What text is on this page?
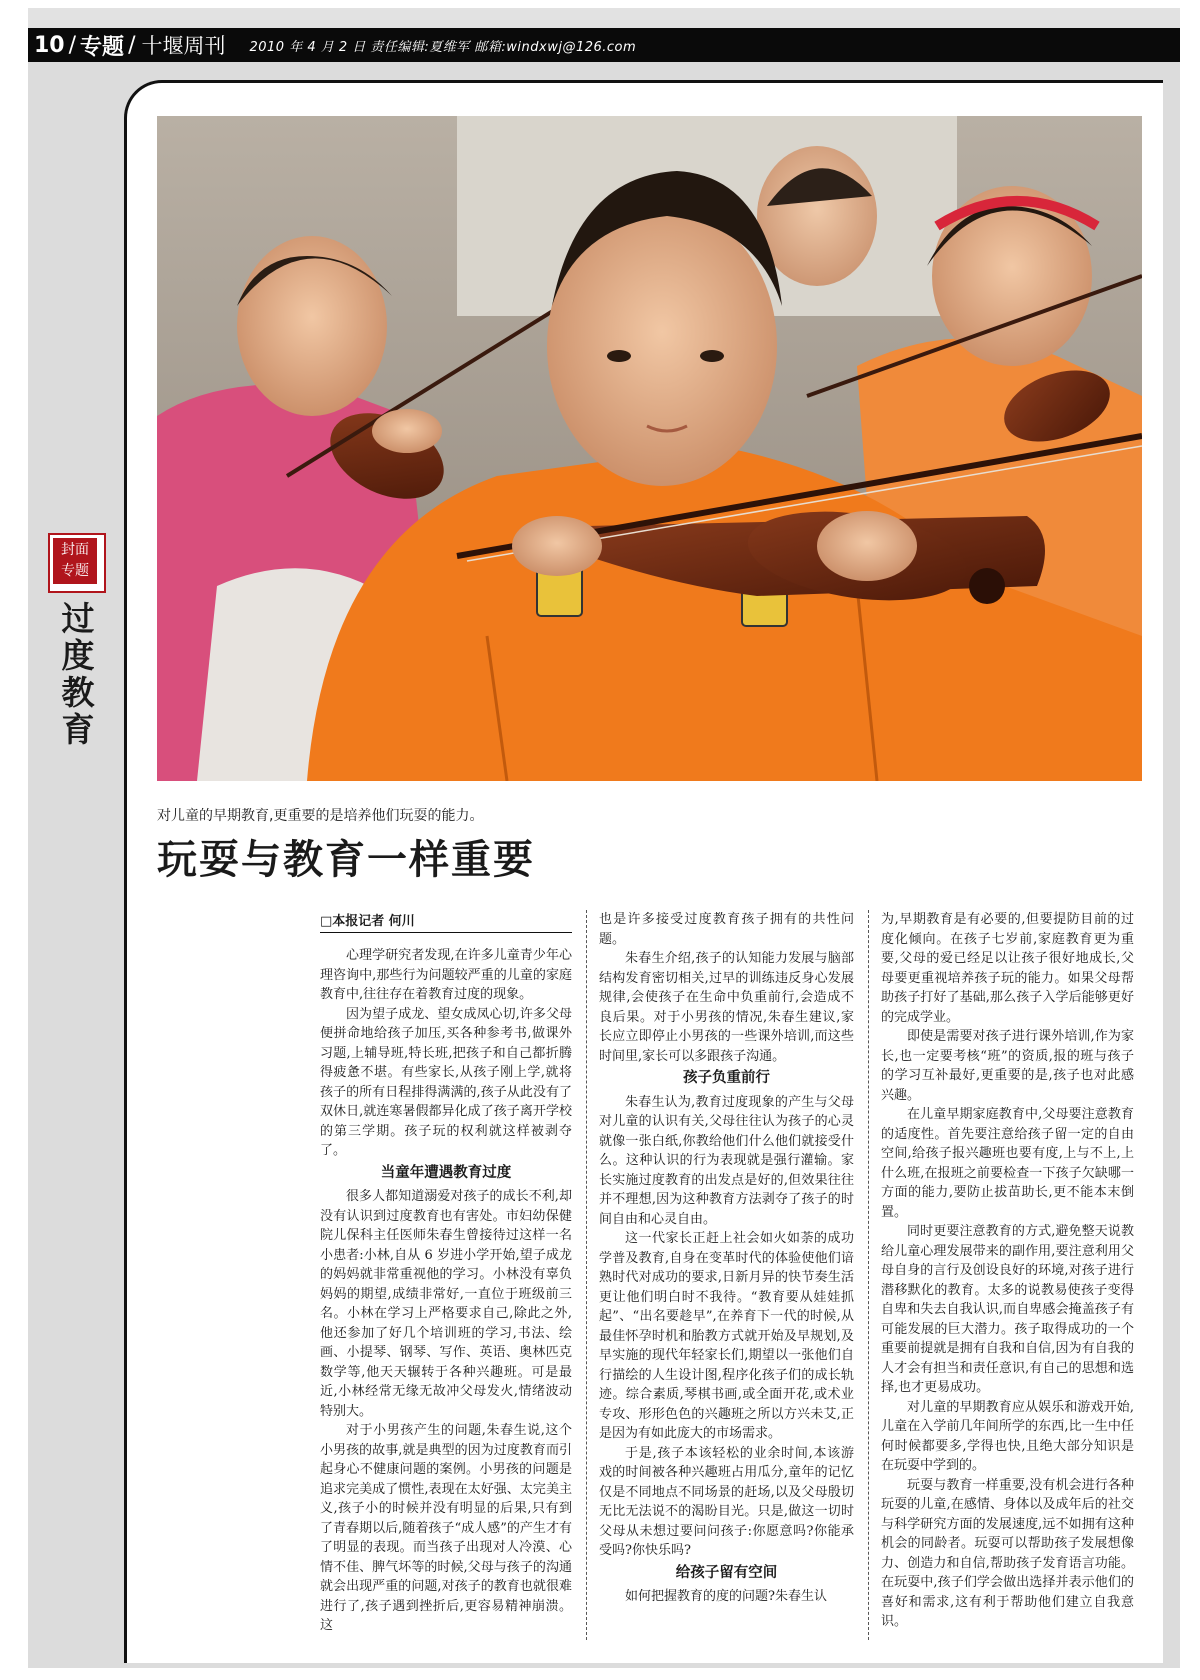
10 / 专题 / 十堰周刊 2010 年 4 月 2 日 责任编辑:夏维军 邮箱:windxwj@126.com
对儿童的早期教育,更重要的是培养他们玩耍的能力。
玩耍与教育一样重要
封面
专题
过度教育
□本报记者 何川

心理学研究者发现,在许多儿童青少年心理咨询中,那些行为问题较严重的儿童的家庭教育中,往往存在着教育过度的现象。

因为望子成龙、望女成凤心切,许多父母便拼命地给孩子加压,买各种参考书,做课外习题,上辅导班,特长班,把孩子和自己都折腾得疲惫不堪。有些家长,从孩子刚上学,就将孩子的所有日程排得满满的,孩子从此没有了双休日,就连寒暑假都异化成了孩子离开学校的第三学期。孩子玩的权利就这样被剥夺了。

当童年遭遇教育过度

很多人都知道溺爱对孩子的成长不利,却没有认识到过度教育也有害处。市妇幼保健院儿保科主任医师朱春生曾接待过这样一名小患者:小林,自从 6 岁进小学开始,望子成龙的妈妈就非常重视他的学习。小林没有辜负妈妈的期望,成绩非常好,一直位于班级前三名。小林在学习上严格要求自己,除此之外,他还参加了好几个培训班的学习,书法、绘画、小提琴、钢琴、写作、英语、奥林匹克数学等,他天天辗转于各种兴趣班。可是最近,小林经常无缘无故冲父母发火,情绪波动特别大。

对于小男孩产生的问题,朱春生说,这个小男孩的故事,就是典型的因为过度教育而引起身心不健康问题的案例。小男孩的问题是追求完美成了惯性,表现在太好强、太完美主义,孩子小的时候并没有明显的后果,只有到了青春期以后,随着孩子“成人感”的产生才有了明显的表现。而当孩子出现对人冷漠、心情不佳、脾气坏等的时候,父母与孩子的沟通就会出现严重的问题,对孩子的教育也就很难进行了,孩子遇到挫折后,更容易精神崩溃。这

也是许多接受过度教育孩子拥有的共性问题。

朱春生介绍,孩子的认知能力发展与脑部结构发育密切相关,过早的训练违反身心发展规律,会使孩子在生命中负重前行,会造成不良后果。对于小男孩的情况,朱春生建议,家长应立即停止小男孩的一些课外培训,而这些时间里,家长可以多跟孩子沟通。

孩子负重前行

朱春生认为,教育过度现象的产生与父母对儿童的认识有关,父母往往认为孩子的心灵就像一张白纸,你教给他们什么他们就接受什么。这种认识的行为表现就是强行灌输。家长实施过度教育的出发点是好的,但效果往往并不理想,因为这种教育方法剥夺了孩子的时间自由和心灵自由。

这一代家长正赶上社会如火如荼的成功学普及教育,自身在变革时代的体验使他们谙熟时代对成功的要求,日新月异的快节奏生活更让他们明白时不我待。“教育要从娃娃抓起”、“出名要趁早”,在养育下一代的时候,从最佳怀孕时机和胎教方式就开始及早规划,及早实施的现代年轻家长们,期望以一张他们自行描绘的人生设计图,程序化孩子们的成长轨迹。综合素质,琴棋书画,或全面开花,或术业专攻、形形色色的兴趣班之所以方兴未艾,正是因为有如此庞大的市场需求。

于是,孩子本该轻松的业余时间,本该游戏的时间被各种兴趣班占用瓜分,童年的记忆仅是不同地点不同场景的赶场,以及父母殷切无比无法说不的渴盼目光。只是,做这一切时父母从未想过要问问孩子:你愿意吗?你能承受吗?你快乐吗?

给孩子留有空间

如何把握教育的度的问题?朱春生认

为,早期教育是有必要的,但要提防目前的过度化倾向。在孩子七岁前,家庭教育更为重要,父母的爱已经足以让孩子很好地成长,父母要更重视培养孩子玩的能力。如果父母帮助孩子打好了基础,那么孩子入学后能够更好的完成学业。

即使是需要对孩子进行课外培训,作为家长,也一定要考核“班”的资质,报的班与孩子的学习互补最好,更重要的是,孩子也对此感兴趣。

在儿童早期家庭教育中,父母要注意教育的适度性。首先要注意给孩子留一定的自由空间,给孩子报兴趣班也要有度,上与不上,上什么班,在报班之前要检查一下孩子欠缺哪一方面的能力,要防止拔苗助长,更不能本末倒置。

同时更要注意教育的方式,避免整天说教给儿童心理发展带来的副作用,要注意利用父母自身的言行及创设良好的环境,对孩子进行潜移默化的教育。太多的说教易使孩子变得自卑和失去自我认识,而自卑感会掩盖孩子有可能发展的巨大潜力。孩子取得成功的一个重要前提就是拥有自我和自信,因为有自我的人才会有担当和责任意识,有自己的思想和选择,也才更易成功。

对儿童的早期教育应从娱乐和游戏开始,儿童在入学前几年间所学的东西,比一生中任何时候都要多,学得也快,且绝大部分知识是在玩耍中学到的。

玩耍与教育一样重要,没有机会进行各种玩耍的儿童,在感情、身体以及成年后的社交与科学研究方面的发展速度,远不如拥有这种机会的同龄者。玩耍可以帮助孩子发展想像力、创造力和自信,帮助孩子发育语言功能。在玩耍中,孩子们学会做出选择并表示他们的喜好和需求,这有利于帮助他们建立自我意识。
